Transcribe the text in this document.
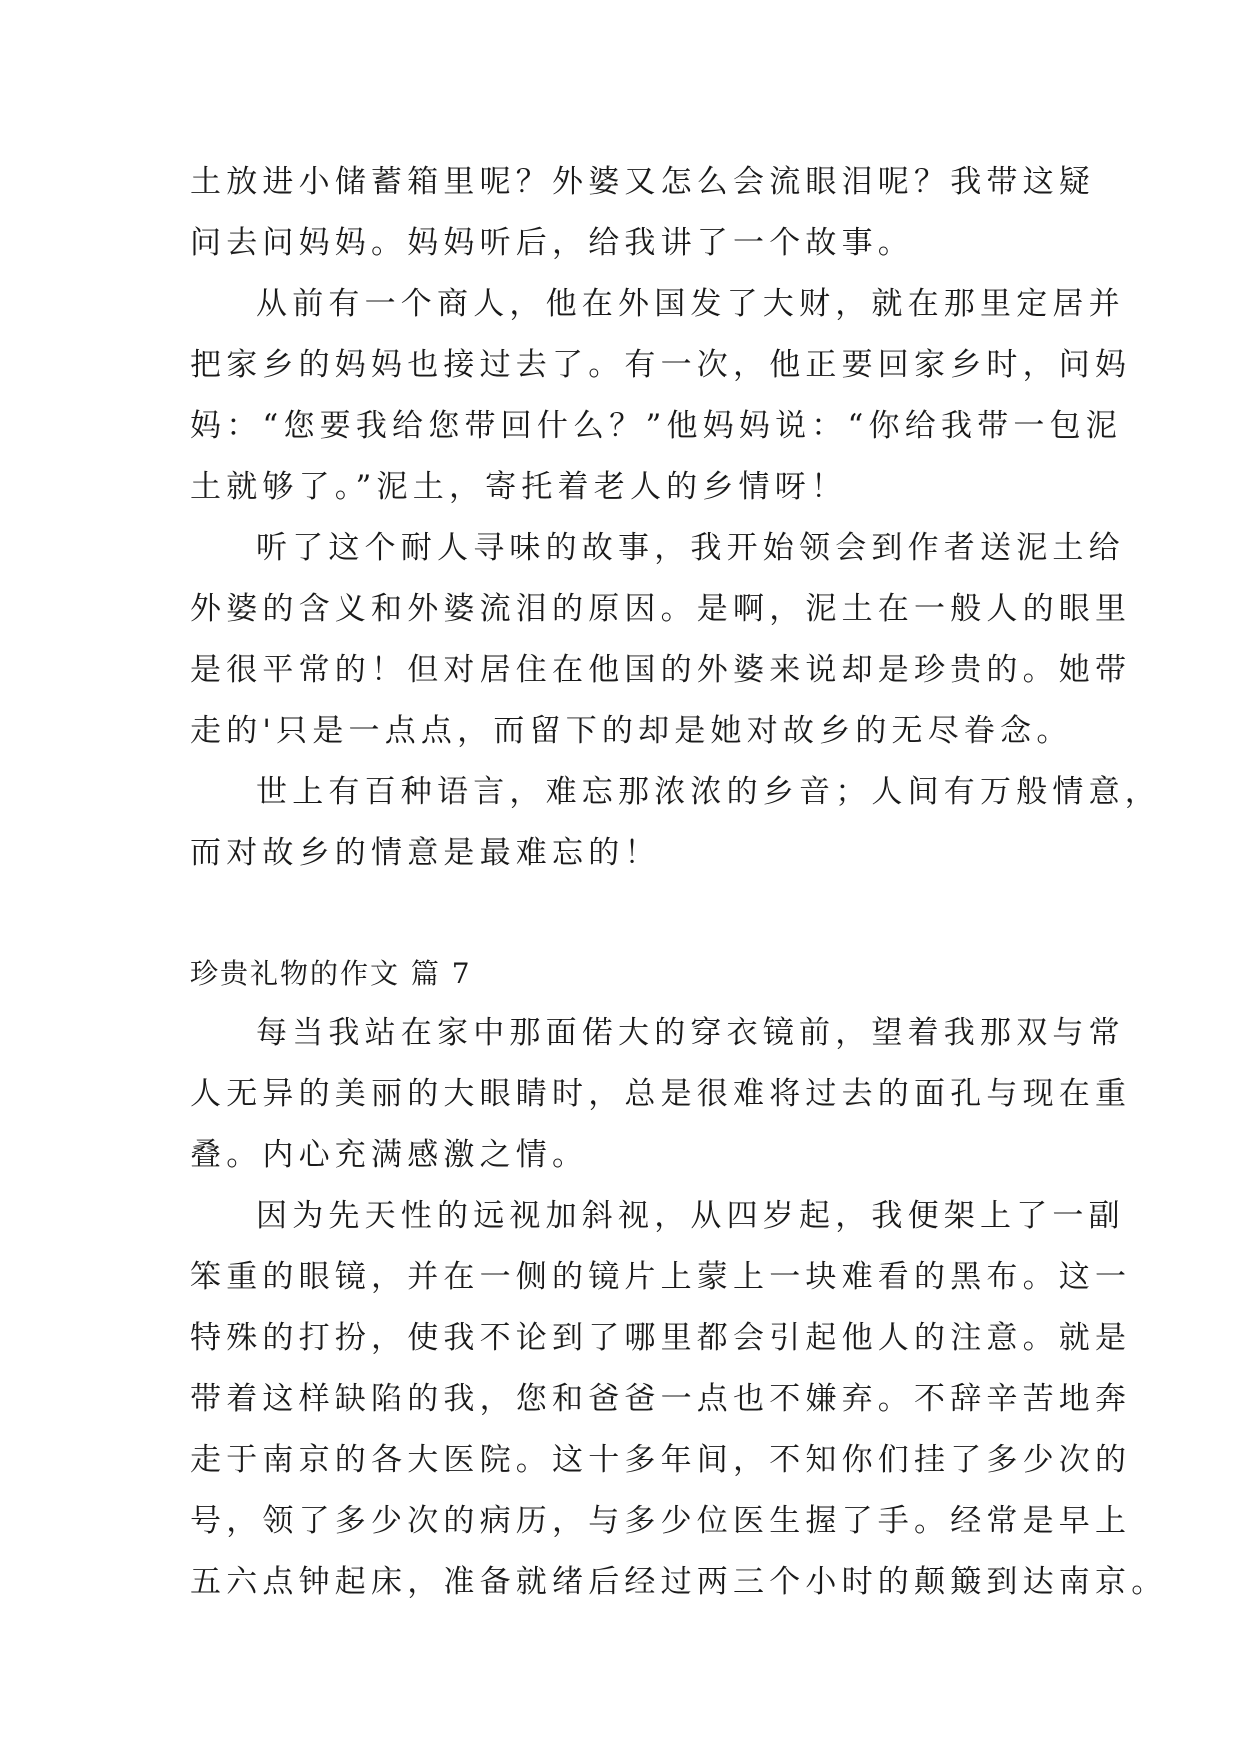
土放进小储蓄箱里呢？外婆又怎么会流眼泪呢？我带这疑
问去问妈妈。妈妈听后，给我讲了一个故事。
从前有一个商人，他在外国发了大财，就在那里定居并
把家乡的妈妈也接过去了。有一次，他正要回家乡时，问妈
妈：“您要我给您带回什么？”他妈妈说：“你给我带一包泥
土就够了。”泥土，寄托着老人的乡情呀！
听了这个耐人寻味的故事，我开始领会到作者送泥土给
外婆的含义和外婆流泪的原因。是啊，泥土在一般人的眼里
是很平常的！但对居住在他国的外婆来说却是珍贵的。她带
走的'只是一点点，而留下的却是她对故乡的无尽眷念。
世上有百种语言，难忘那浓浓的乡音；人间有万般情意，
而对故乡的情意是最难忘的！
珍贵礼物的作文 篇 7
每当我站在家中那面偌大的穿衣镜前，望着我那双与常
人无异的美丽的大眼睛时，总是很难将过去的面孔与现在重
叠。内心充满感激之情。
因为先天性的远视加斜视，从四岁起，我便架上了一副
笨重的眼镜，并在一侧的镜片上蒙上一块难看的黑布。这一
特殊的打扮，使我不论到了哪里都会引起他人的注意。就是
带着这样缺陷的我，您和爸爸一点也不嫌弃。不辞辛苦地奔
走于南京的各大医院。这十多年间，不知你们挂了多少次的
号，领了多少次的病历，与多少位医生握了手。经常是早上
五六点钟起床，准备就绪后经过两三个小时的颠簸到达南京。
